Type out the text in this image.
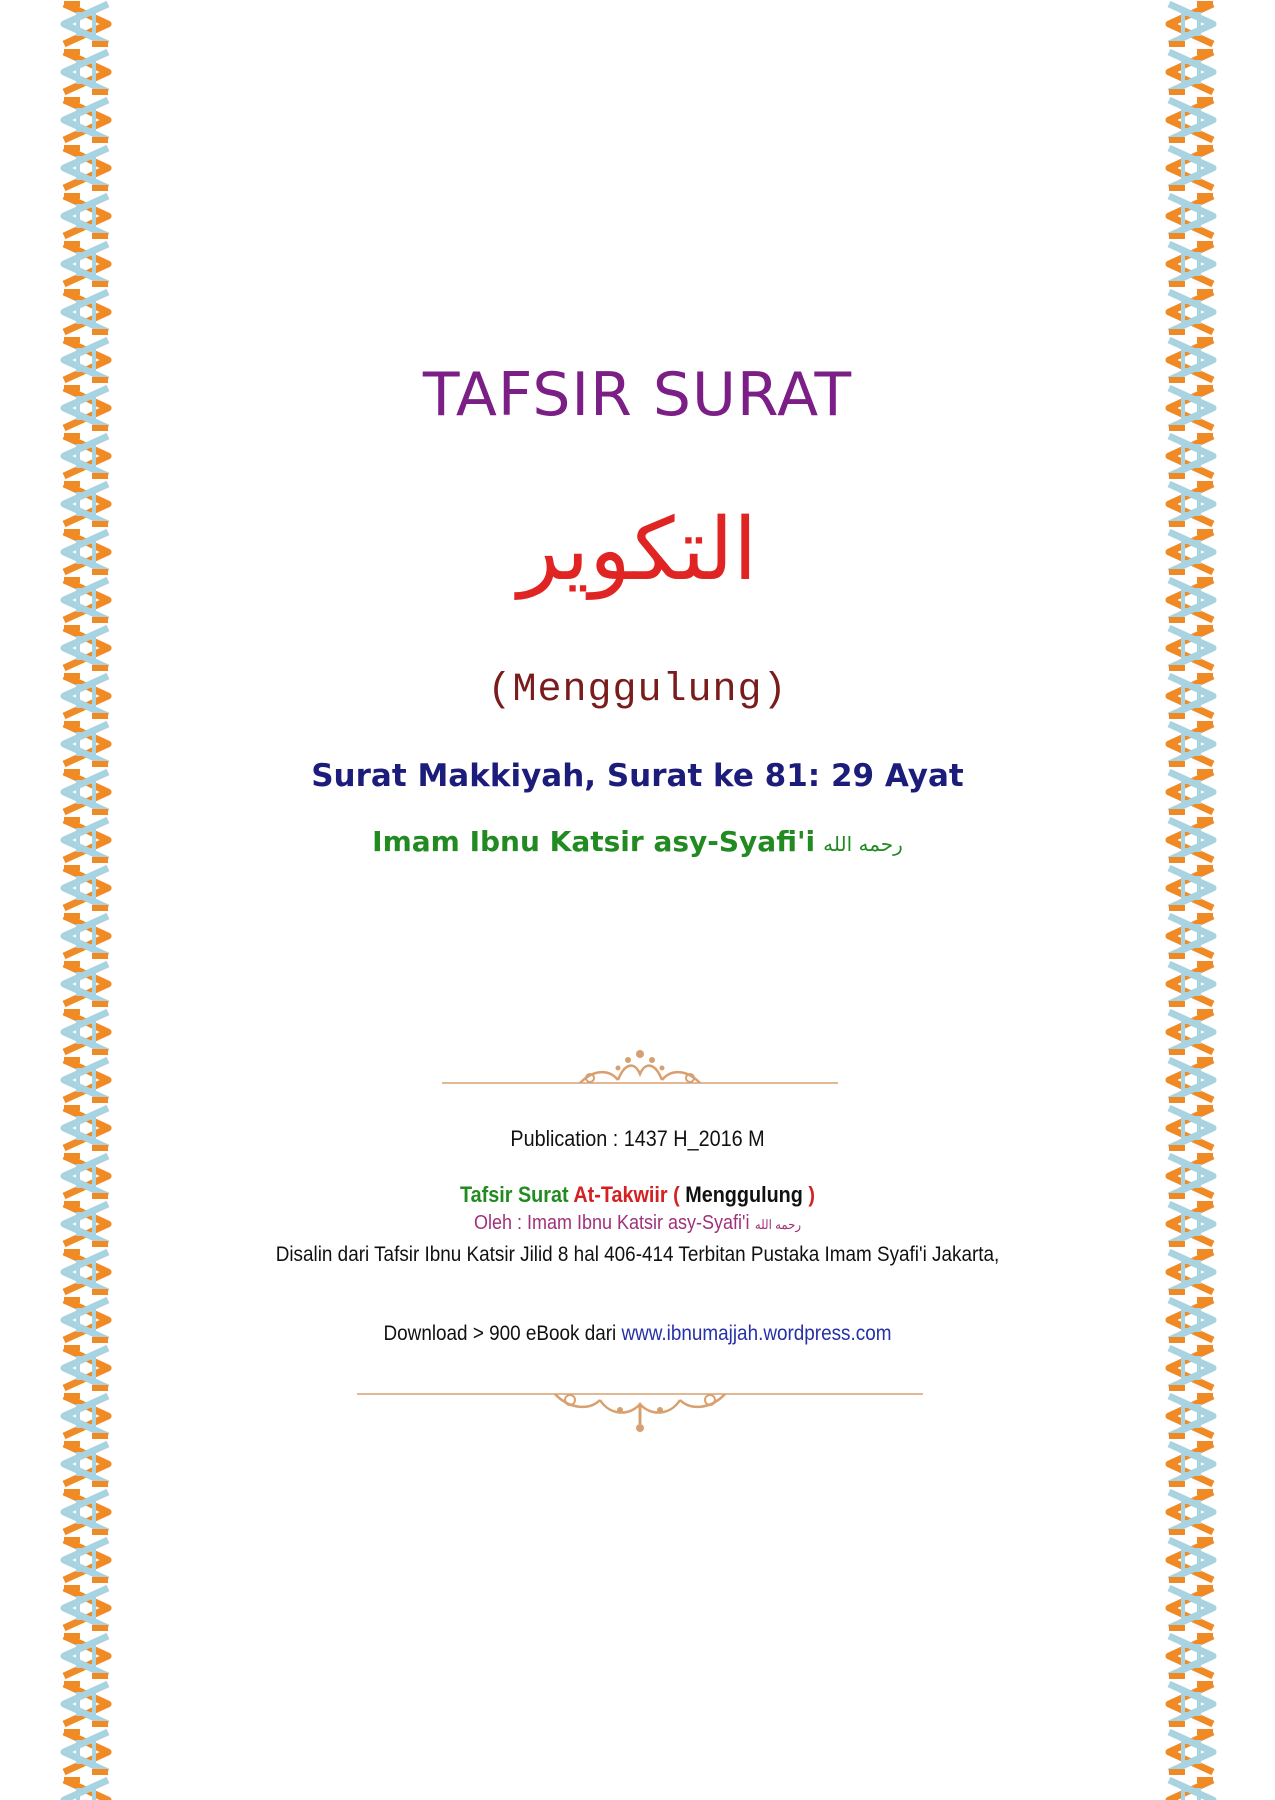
TAFSIR SURAT
التكوير
(Menggulung)
Surat Makkiyah, Surat ke 81: 29 Ayat
Imam Ibnu Katsir asy-Syafi'i رحمه الله
Publication : 1437 H_2016 M
Tafsir Surat At-Takwiir ( Menggulung )
Oleh : Imam Ibnu Katsir asy-Syafi'i رحمه الله
Disalin dari Tafsir Ibnu Katsir Jilid 8 hal 406-414 Terbitan Pustaka Imam Syafi'i Jakarta,
Download > 900 eBook dari www.ibnumajjah.wordpress.com
